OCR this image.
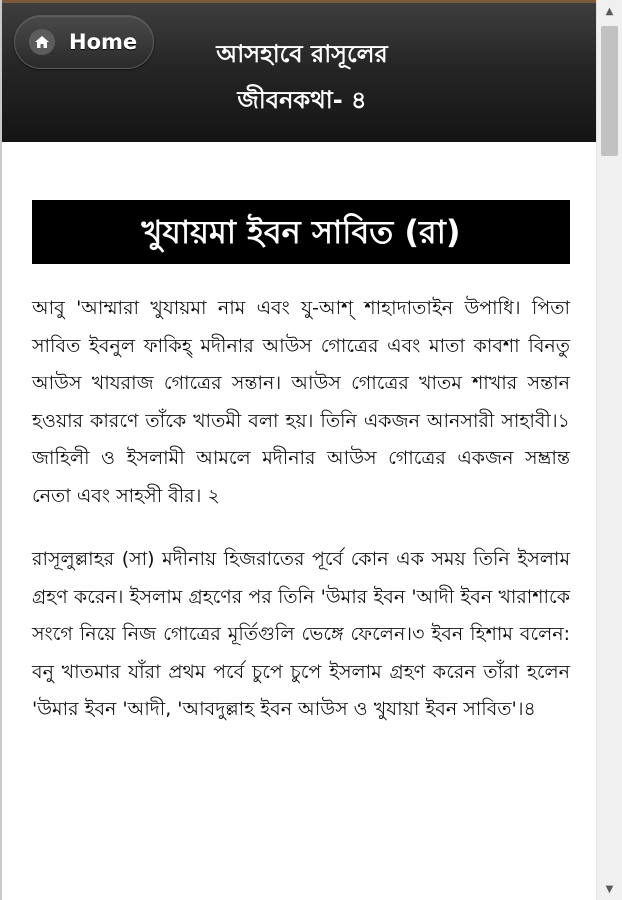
Home	আসহাবে রাসূলের
জীবনকথা- ৪
খুযায়মা ইবন সাবিত (রা)

আবু 'আম্মারা খুযায়মা নাম এবং যু-আশ্ শাহাদাতাইন উপাধি। পিতা সাবিত ইবনুল ফাকিহ্ মদীনার আউস গোত্রের এবং মাতা কাবশা বিনতু আউস খাযরাজ গোত্রের সন্তান। আউস গোত্রের খাতম শাখার সন্তান হওয়ার কারণে তাঁকে খাতমী বলা হয়। তিনি একজন আনসারী সাহাবী।১ জাহিলী ও ইসলামী আমলে মদীনার আউস গোত্রের একজন সম্ভ্রান্ত নেতা এবং সাহসী বীর। ২

রাসূলুল্লাহর (সা) মদীনায় হিজরাতের পূর্বে কোন এক সময় তিনি ইসলাম গ্রহণ করেন। ইসলাম গ্রহণের পর তিনি 'উমার ইবন 'আদী ইবন খারাশাকে সংগে নিয়ে নিজ গোত্রের মূর্তিগুলি ভেঙ্গে ফেলেন।৩ ইবন হিশাম বলেন: বনু খাতমার যাঁরা প্রথম পর্বে চুপে চুপে ইসলাম গ্রহণ করেন তাঁরা হলেন 'উমার ইবন 'আদী, 'আবদুল্লাহ ইবন আউস ও খুযায়া ইবন সাবিত'।৪

▲
▼
